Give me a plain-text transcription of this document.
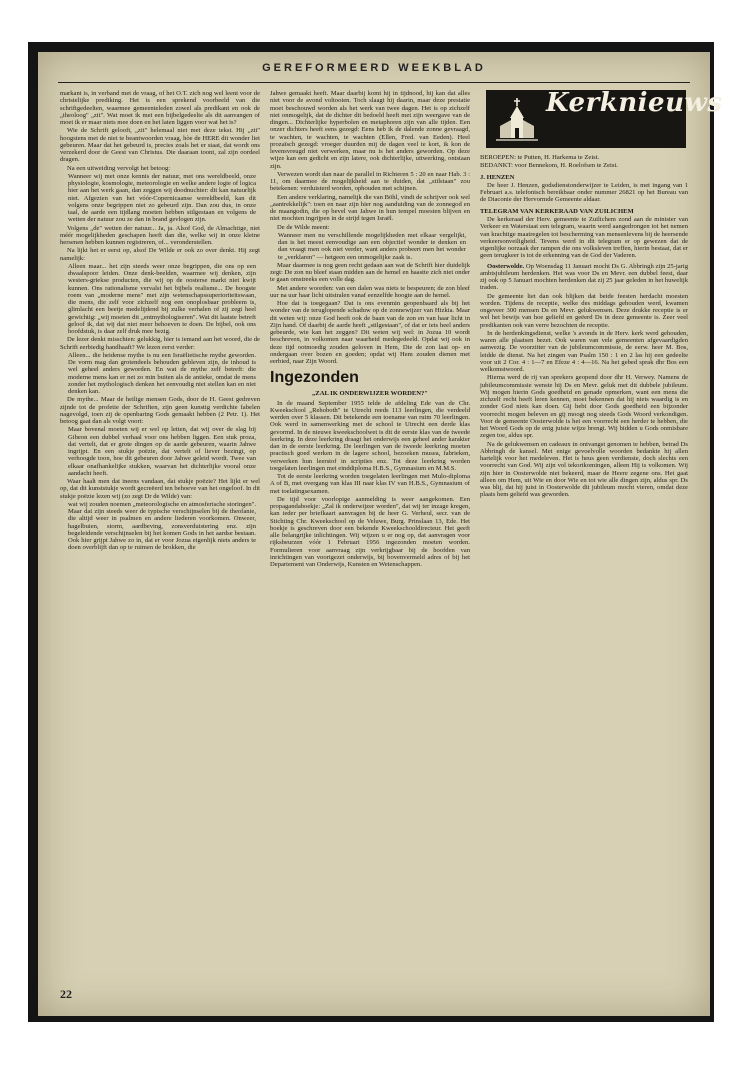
GEREFORMEERD WEEKBLAD

markant is, in verband met de vraag, of het O.T. zich nog wel leent voor de christelijke prediking. Het is een sprekend voorbeeld van die schriftgedeelten, waarmee gemeenteleden zowel als predikant en ook de „theoloog" „zit". Wat moet ik met een bijbelgedeelte als dit aanvangen of moet ik er maar niets mee doen en het laten liggen voor wat het is?

Wie de Schrift gelooft, „zit" helemaal niet met deze tekst. Hij „zit" hoogstens met de niet te beantwoorden vraag, hòe de HERE dit wonder liet gebeuren. Maar dat het gebeurd is, precies zoals het er staat, dat wordt ons verzekerd door de Geest van Christus. Die daaraan toont, zal zijn oordeel dragen.

Na een uitweiding vervolgt het betoog:

Wanneer wij met onze kennis der natuur, met ons wereldbeeld, onze physiologie, kosmologie, meteorologie en welke andere logie of logica hier aan het werk gaan, dan zeggen wij doodnuchter: dit kan natuurlijk niet. Afgezien van het vóór-Copernicaanse wereldbeeld, kan dit volgens onze begrippen niet zo gebeurd zijn. Dan zou dus, in onze taal, de aarde een tijdlang moeten hebben stilgestaan en volgens de wetten der natuur zou ze dan in brand gevlogen zijn.

Volgens „de" wetten der natuur... Ja, ja. Alsof God, de Almachtige, niet méér mogelijkheden geschapen heeft dan die, welke wij in onze kleine hersenen hebben kunnen registreren, of... veronderstellen.

Na lijkt het er eerst op, alsof De Wilde er ook zo over denkt. Hij zegt namelijk:

Alleen maar... het zijn steeds weer onze begrippen, die ons op een dwaalspoor leiden. Onze denk-beelden, waarmee wij denken, zijn westers-griekse producten, die wij op de oosterse markt niet kwijt kunnen. Ons rationalisme vervalst het bijbels realisme... De hoogste roem van „moderne mens" met zijn wetenschapssuperioriteitswaan, die mens, die zelf voor zichzelf nog een onoplosbaar probleem is, glimlacht een beetje medelijdend bij zulke verhalen of zij zegt heel gewichtig: „wij moeten dit „entmythologiseren". Wat dit laatste betreft geloof ik, dat wij dat niet meer behoeven te doen. De bijbel, ook ons hoofdstuk, is daar zelf druk mee bezig.

De lezer denkt misschien: gelukkig, hier is iemand aan het woord, die de Schrift eerbiedig handhaaft? We lezen eerst verder:

Alleen... die heidense mythe is nu een Israëlietische mythe geworden. De vorm mag dan grotendeels behouden gebleven zijn, de inhoud is wel geheel anders geworden. En wat de mythe zelf betreft: die moderne mens kan er net zo min buiten als de antieke, omdat de mens zonder het mythologisch denken het eenvoudig niet stellen kan en niet denken kan.

De mythe... Maar de heilige mensen Gods, door de H. Geest gedreven zijnde tot de profetie der Schriften, zijn geen kunstig verdichte fabelen nagevolgd, toen zij de openbaring Gods gemaakt hebben (2 Petr. 1). Het betoog gaat dan als volgt voort:

Maar bovenal moeten wij er wel op letten, dat wij over de slag bij Gibeon een dubbel verhaal voor ons hebben liggen. Een stuk proza, dat vertelt, dat er grote dingen op de aarde gebeuren, waarin Jahwe ingrijpt. En een stukje poëzie, dat vertelt of liever bezingt, op verhoogde toon, hoe dit gebeuren door Jahwe geleid wordt. Twee van elkaar onafhankelijke stukken, waarvan het dichterlijke vooral onze aandacht heeft.

Waar haalt men dat ineens vandaan, dat stukje poëzie? Het lijkt er wel op, dat dit kunststukje wordt gecreëerd ten behoeve van het ongeloof. In dit stukje poëzie lezen wij (zo zegt Dr de Wilde) van:

wat wij zouden noemen „meteorologische en atmosferische storingen". Maar dat zijn steeds weer de typische verschijnselen bij de theofanie, die altijd weer in psalmen en andere liederen voorkomen. Onweer, hagelbuien, storm, aardbeving, zonsverduistering enz. zijn begeleidende verschijnselen bij het komen Gods in het aardse bestaan. Ook hier grijpt Jahwe zo in, dat er voor Jozua eigenlijk niets anders te doen overblijft dan op te ruimen de brokken, die

Jahwe gemaakt heeft. Maar daarbij komt hij in tijdnood, hij kan dat alles niet voor de avond voltooien. Toch slaagt hij daarin, maar deze prestatie moet beschouwd worden als het werk van twee dagen. Het is op zichzelf niet onmogelijk, dat de dichter dit bedoeld heeft met zijn weergave van de dingen... Dichterlijke hyperbolen en metaphoren zijn van alle tijden. Een onzer dichters heeft eens gezegd: Eens heb ik de dalende zonne gevraagd, te wachten, te wachten, te wachten (Ellen, Fred. van Eeden). Heel prozaïsch gezegd: vroeger duurden mij de dagen veel te kort, ik kon de levensvreugd niet verwerken, maar nu is het anders geworden. Op deze wijze kan een gedicht en zijn latere, ook dichterlijke, uitwerking, ontstaan zijn.

Verwezen wordt dan naar de parallel in Richteren 5 : 20 en naar Hab. 3 : 11, om daarmee de mogelijkheid aan te duiden, dat „stilstaan" zou betekenen: verduisterd worden, ophouden met schijnen.

Een andere verklaring, namelijk die van Böhl, vindt de schrijver ook wel „aantrekkelijk": toen en naar zijn hier nog aanduiding van de zonnegod en de maangodin, die op bevel van Jahwe in hun tempel moesten blijven en niet mochten ingrijpen in de strijd tegen Israël.

De de Wilde meent:

Wanneer men nu verschillende mogelijkheden met elkaar vergelijkt, dan is het meest eenvoudige aan een objectief wonder te denken en dan vraagt men ook niet verder, want anders probeert men het wonder te „verklaren" — hetgeen een onmogelijke zaak is.

Maar daarmee is nog geen recht gedaan aan wat de Schrift hier duidelijk zegt: De zon nu bleef staan midden aan de hemel en haastte zich niet onder te gaan omstreeks een volle dag.

Met andere woorden: van een dalen was niets te bespeuren; de zon bleef uur na uur haar licht uitstralen vanaf eenzelfde hoogte aan de hemel.

Hoe dat is toegegaan? Dat is ons evenmin geopenbaard als bij het wonder van de teruglopende schaduw op de zonnewijzer van Hizkia. Maar dit weten wij: onze God heeft ook de baan van de zon en van haar licht in Zijn hand. Of daarbij de aarde heeft „stilgestaan", of dat er iets heel anders gebeurde, wie kan het zeggen? Dit weten wij wel: in Jozua 10 wordt beschreven, in volkomen naar waarheid medegedeeld. Opdat wij ook in deze tijd ootmoedig zouden geloven in Hem, Die de zon laat op- en ondergaan over bozen en goeden; opdat wij Hem zouden dienen met eerbied, naar Zijn Woord.

Ingezonden
„ZAL IK ONDERWIJZER WORDEN?"

In de maand September 1955 telde de afdeling Ede van de Chr. Kweekschool „Rehoboth" te Utrecht reeds 113 leerlingen, die verdeeld werden over 5 klassen. Dit betekende een toename van ruim 70 leerlingen. Ook werd in samenwerking met de school te Utrecht een derde klas gevormd. In de nieuwe kweekschoolwet is dit de eerste klas van de tweede leerkring. In deze leerkring draagt het onderwijs een geheel ander karakter dan in de eerste leerkring. De leerlingen van de tweede leerkring moeten practisch goed werken in de lagere school, bezoeken musea, fabrieken, verwerken hun leerstof in scripties enz. Tot deze leerkring worden toegelaten leerlingen met einddiploma H.B.S., Gymnasium en M.M.S.

Tot de eerste leerkring worden toegelaten leerlingen met Mulo-diploma A of B, met overgang van klas III naar klas IV van H.B.S., Gymnasium of met toelatingsexamen.

De tijd voor voorlopige aanmelding is weer aangekomen. Een propagandaboekje: „Zal ik onderwijzer worden", dat wij ter inzage kregen, kan ieder per briefkaart aanvragen bij de heer G. Verheul, secr. van de Stichting Chr. Kweekschool op de Veluwe, Burg. Prinslaan 13, Ede. Het boekje is geschreven door een bekende Kweekschooldirecteur. Het geeft alle belangrijke inlichtingen. Wij wijzen u er nog op, dat aanvragen voor rijksbeurzen vóór 1 Februari 1956 ingezonden moeten worden. Formulieren voor aanvraag zijn verkrijgbaar bij de hoofden van inrichtingen van voortgezet onderwijs, bij bovenvermeld adres of bij het Departement van Onderwijs, Kunsten en Wetenschappen.

Kerknieuws

BEROEPEN: te Putten, H. Harkema te Zeist.

BEDANKT: voor Bennekom, H. Roelofsen te Zeist.

J. HENZEN

De heer J. Henzen, godsdienstonderwijzer te Leiden, is met ingang van 1 Februari a.s. telefonisch bereikbaar onder nummer 26821 op het Bureau van de Diaconie der Hervormde Gemeente aldaar.

TELEGRAM VAN KERKERAAD VAN ZUILICHEM

De kerkeraad der Herv. gemeente te Zuilichem zond aan de minister van Verkeer en Waterstaat een telegram, waarin werd aangedrongen tot het nemen van krachtige maatregelen tot bescherming van mensenlevens bij de heersende verkeersonveiligheid. Tevens werd in dit telegram er op gewezen dat de eigenlijke oorzaak der rampen die ons volksleven treffen, hierin bestaat, dat er geen terugkeer is tot de erkenning van de God der Vaderen.

Oosterwolde. Op Woensdag 11 Januari mocht Ds G. Abbringh zijn 25-jarig ambtsjubileum herdenken. Het was voor Ds en Mevr. een dubbel feest, daar zij ook op 5 Januari mochten herdenken dat zij 25 jaar geleden in het huwelijk traden.

De gemeente liet dan ook blijken dat beide feesten herdacht moesten worden. Tijdens de receptie, welke des middags gehouden werd, kwamen ongeveer 300 mensen Ds en Mevr. gelukwensen. Deze drukke receptie is er wel het bewijs van hoe geliefd en geëerd Ds in deze gemeente is. Zeer veel predikanten ook van verre bezochten de receptie.

In de herdenkingsdienst, welke 's avonds in de Herv. kerk werd gehouden, waren alle plaatsen bezet. Ook waren van vele gemeenten afgevaardigden aanwezig. De voorzitter van de jubileumcommissie, de eerw. heer M. Bos, leidde de dienst. Na het zingen van Psalm 150 : 1 en 2 las hij een gedeelte voor uit 2 Cor. 4 : 1—7 en Efeze 4 : 4—16. Na het gebed sprak dhr Bos een welkomstwoord.

Hierna werd de rij van sprekers geopend door dhr H. Verwey. Namens de jubileumcommissie wenste hij Ds en Mevr. geluk met dit dubbele jubileum. Wij mogen hierin Gods goedheid en genade opmerken, want een mens die zichzelf recht heeft leren kennen, moet bekennen dat hij niets waardig is en zonder God niets kan doen. Gij hebt door Gods goedheid een bijzonder voorrecht mogen beleven en gij moogt nog steeds Gods Woord verkondigen. Voor de gemeente Oosterwolde is het een voorrecht een herder te hebben, die het Woord Gods op de enig juiste wijze brengt. Wij bidden u Gods onmisbare zegen toe, aldus spr.

Na de gelukwensen en cadeaux in ontvangst genomen te hebben, betrad Ds Abbringh de kansel. Met enige gevoelvolle woorden bedankte hij allen hartelijk voor het medeleven. Het is heus geen verdienste, doch slechts een voorrecht van God. Wij zijn vol tekortkomingen, alleen Hij is volkomen. Wij zijn hier in Oosterwolde niet bekeerd, maar de Heere zegene ons. Het gaat alleen om Hem, uit Wie en door Wie en tot wie alle dingen zijn, aldus spr. Ds was blij, dat hij juist in Oosterwolde dit jubileum mocht vieren, omdat deze plaats hem geliefd was geworden.

22
